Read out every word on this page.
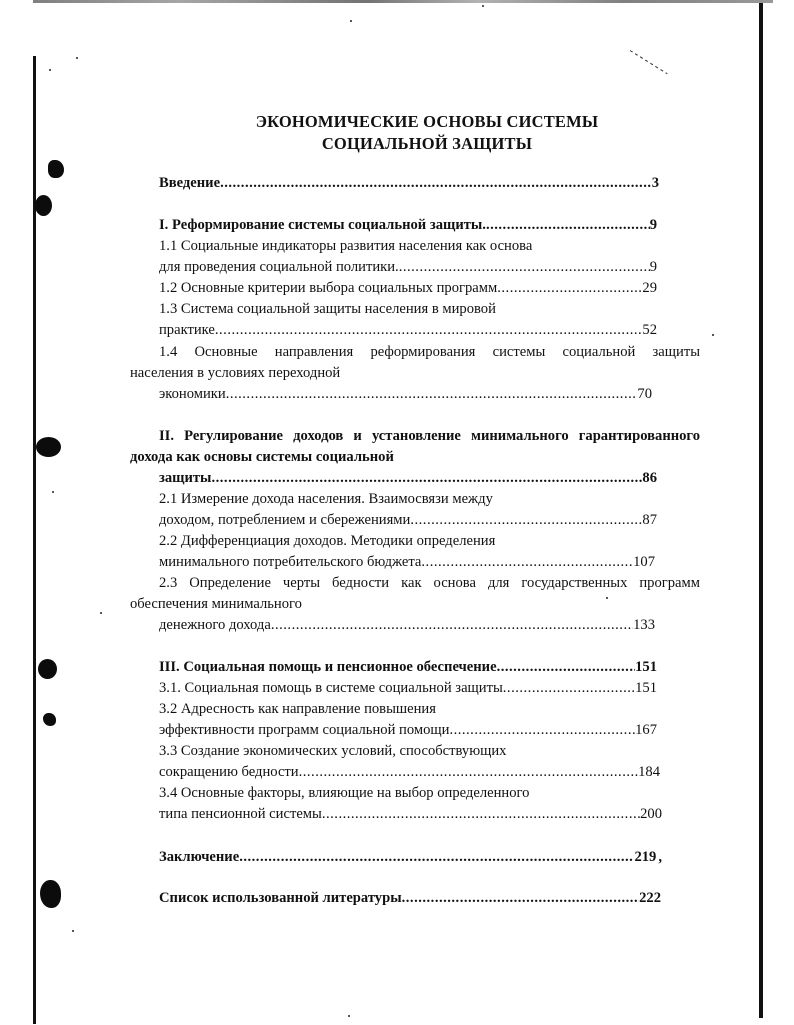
ЭКОНОМИЧЕСКИЕ ОСНОВЫ СИСТЕМЫ
СОЦИАЛЬНОЙ ЗАЩИТЫ
Введение .....	3
I. Реформирование системы социальной защиты. .....	9
1.1 Социальные индикаторы развития населения как основа
для проведения социальной политики. .....	9
1.2 Основные критерии выбора социальных программ .....	29
1.3 Система социальной защиты населения в мировой
практике .....	52
1.4 Основные направления реформирования системы социальной защиты
населения в условиях переходной
экономики .....	70
II. Регулирование доходов и установление минимального гарантированного
дохода как основы системы социальной
защиты .....	86
2.1 Измерение дохода населения. Взаимосвязи между
доходом, потреблением и сбережениями .....	87
2.2 Дифференциация доходов. Методики определения
минимального потребительского бюджета .....	107
2.3 Определение черты бедности как основа для государственных программ
обеспечения минимального
денежного дохода .....	133
III. Социальная помощь и пенсионное обеспечение .....	151
3.1. Социальная помощь в системе социальной защиты .....	151
3.2 Адресность как направление повышения
эффективности программ социальной помощи .....	167
3.3 Создание экономических условий, способствующих
сокращению бедности .....	184
3.4 Основные факторы, влияющие на выбор определенного
типа пенсионной системы .....	200
Заключение .....	219 ,
Список использованной литературы .....	222
